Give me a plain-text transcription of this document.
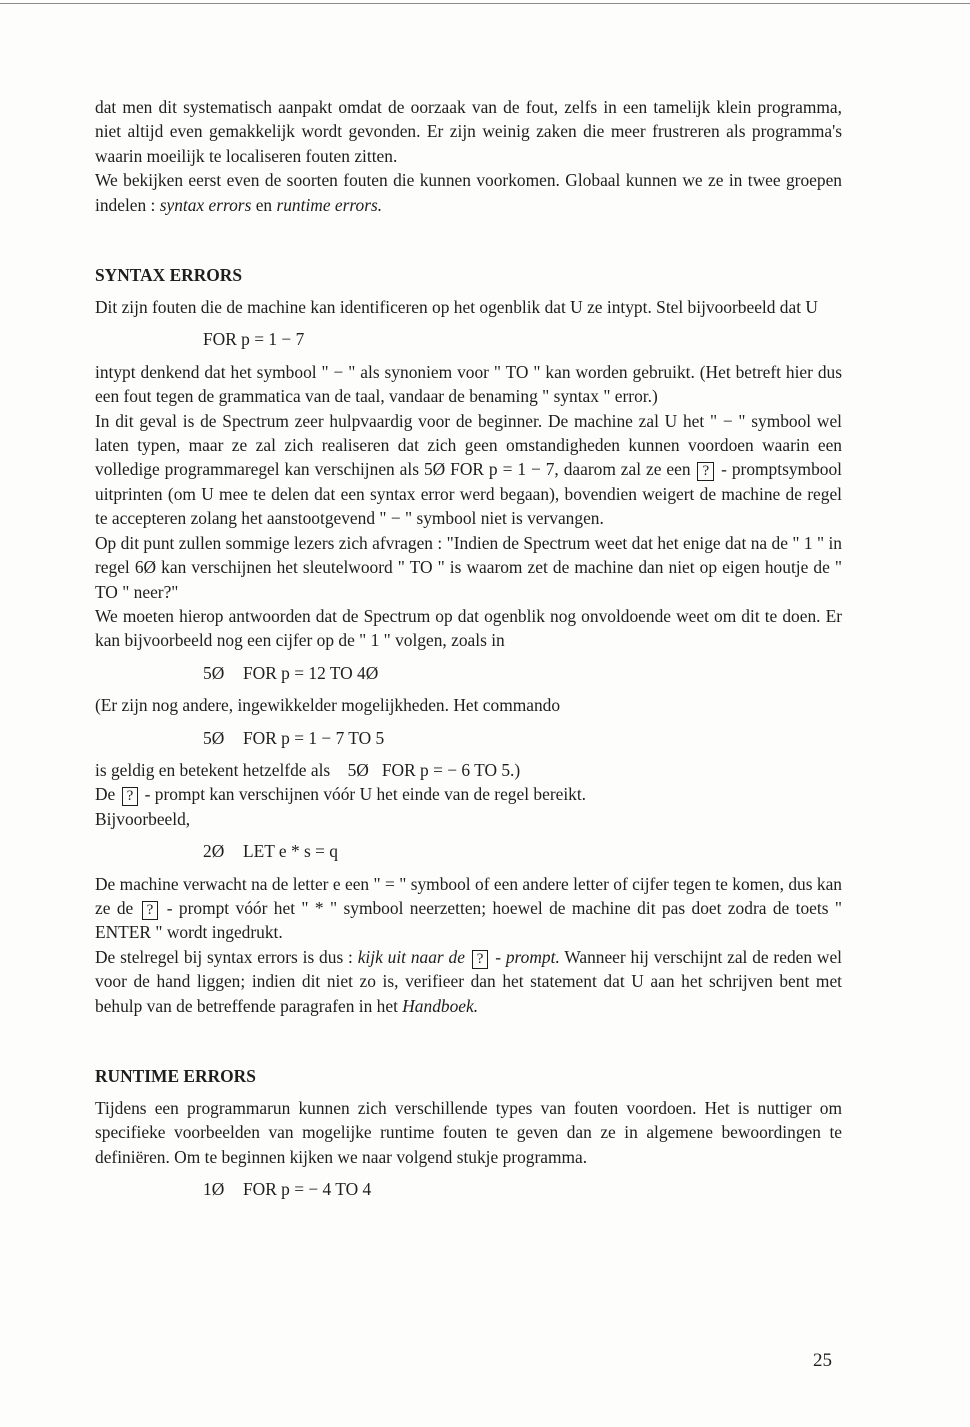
dat men dit systematisch aanpakt omdat de oorzaak van de fout, zelfs in een tamelijk klein programma, niet altijd even gemakkelijk wordt gevonden. Er zijn weinig zaken die meer frustreren als programma's waarin moeilijk te localiseren fouten zitten.

We bekijken eerst even de soorten fouten die kunnen voorkomen. Globaal kunnen we ze in twee groepen indelen : syntax errors en runtime errors.

SYNTAX ERRORS

Dit zijn fouten die de machine kan identificeren op het ogenblik dat U ze intypt. Stel bijvoorbeeld dat U

FOR p = 1 − 7

intypt denkend dat het symbool " − " als synoniem voor " TO " kan worden gebruikt. (Het betreft hier dus een fout tegen de grammatica van de taal, vandaar de benaming " syntax " error.)

In dit geval is de Spectrum zeer hulpvaardig voor de beginner. De machine zal U het " − " symbool wel laten typen, maar ze zal zich realiseren dat zich geen omstandigheden kunnen voordoen waarin een volledige programmaregel kan verschijnen als 5Ø FOR p = 1 − 7, daarom zal ze een ? - promptsymbool uitprinten (om U mee te delen dat een syntax error werd begaan), bovendien weigert de machine de regel te accepteren zolang het aanstootgevend " − " symbool niet is vervangen.

Op dit punt zullen sommige lezers zich afvragen : "Indien de Spectrum weet dat het enige dat na de " 1 " in regel 6Ø kan verschijnen het sleutelwoord " TO " is waarom zet de machine dan niet op eigen houtje de " TO " neer?"

We moeten hierop antwoorden dat de Spectrum op dat ogenblik nog onvoldoende weet om dit te doen. Er kan bijvoorbeeld nog een cijfer op de " 1 " volgen, zoals in

5Ø FOR p = 12 TO 4Ø

(Er zijn nog andere, ingewikkelder mogelijkheden. Het commando

5Ø FOR p = 1 − 7 TO 5

is geldig en betekent hetzelfde als 5Ø FOR p = − 6 TO 5.)

De ? - prompt kan verschijnen vóór U het einde van de regel bereikt.

Bijvoorbeeld,

2Ø LET e * s = q

De machine verwacht na de letter e een " = " symbool of een andere letter of cijfer tegen te komen, dus kan ze de ? - prompt vóór het " * " symbool neerzetten; hoewel de machine dit pas doet zodra de toets " ENTER " wordt ingedrukt.

De stelregel bij syntax errors is dus : kijk uit naar de ? - prompt. Wanneer hij verschijnt zal de reden wel voor de hand liggen; indien dit niet zo is, verifieer dan het statement dat U aan het schrijven bent met behulp van de betreffende paragrafen in het Handboek.

RUNTIME ERRORS

Tijdens een programmarun kunnen zich verschillende types van fouten voordoen. Het is nuttiger om specifieke voorbeelden van mogelijke runtime fouten te geven dan ze in algemene bewoordingen te definiëren. Om te beginnen kijken we naar volgend stukje programma.

1Ø FOR p = − 4 TO 4

25
